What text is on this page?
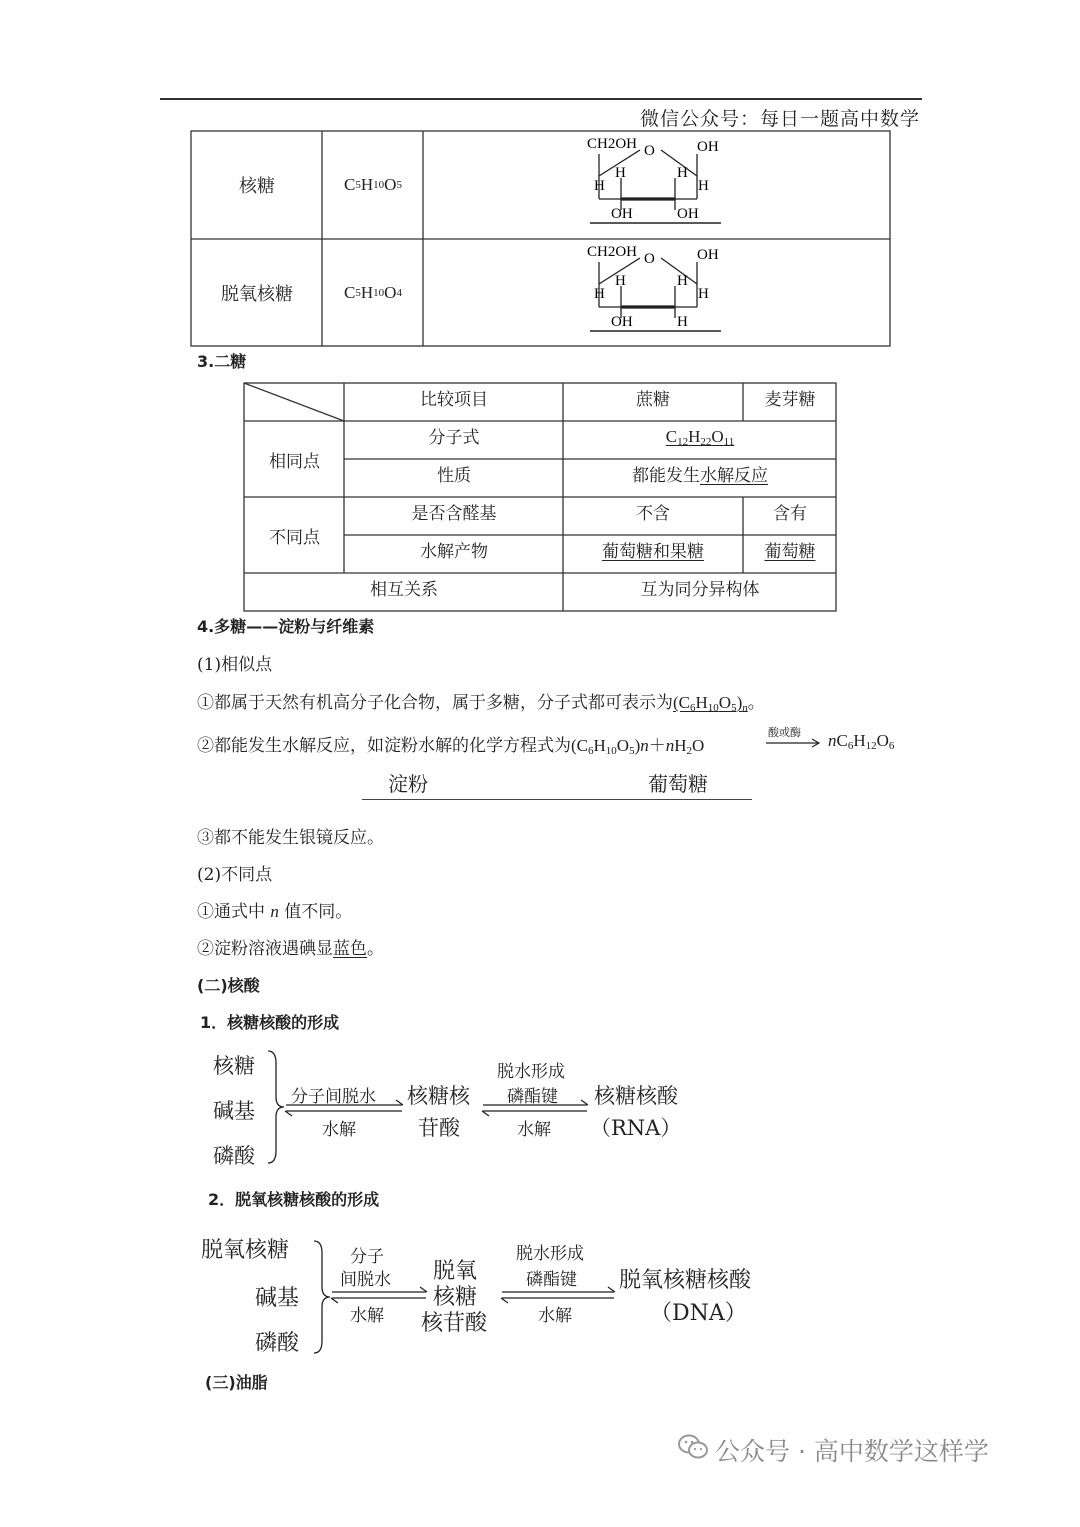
微信公众号：每日一题高中数学
核糖	C 5 H 10 O 5
脱氧核糖	C 5 H 10 O 4
CH2OH O	OH
H	H
H	H
OH	OH
CH2OH O	OH
H	H
H	H
OH	H
3.二糖
比较项目	蔗糖	麦芽糖
相同点
分子式	$C_{12}H_{22}O_{11}$
性质	都能发生 水解反应
不同点
是否含醛基	不含	含有
水解产物	葡萄糖和果糖	葡萄糖
相互关系	互为同分异构体
4.多糖——淀粉与纤维素
(1)相似点
①都属于天然有机高分子化合物，属于多糖，分子式都可表示为$(C_6H_{10}O_5)_n$。
②都能发生水解反应，如淀粉水解的化学方程式为$(C_6H_{10}O_5)n+nH_2O$
酸或酶 $nC_6H_{12}O_6$
淀粉	葡萄糖
③都不能发生银镜反应。
(2)不同点
①通式中 n 值不同。
②淀粉溶液遇碘显蓝色。
(二)核酸
1．核糖核酸的形成
核糖
碱基
磷酸
分子间脱水
水解
核糖核
苷酸
脱水形成
磷酯键
水解
核糖核酸
（RNA）
2．脱氧核糖核酸的形成
脱氧核糖
碱基
磷酸
分子
间脱水
水解
脱氧
核糖
核苷酸
脱水形成
磷酯键
水解
脱氧核糖核酸
（DNA）
(三)油脂
公众号 · 高中数学这样学
